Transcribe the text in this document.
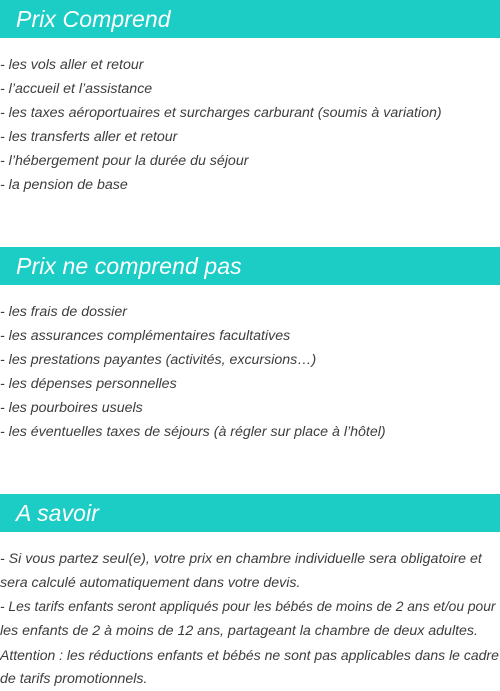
Prix Comprend
- les vols aller et retour
- l’accueil et l’assistance
- les taxes aéroportuaires et surcharges carburant (soumis à variation)
- les transferts aller et retour
- l’hébergement pour la durée du séjour
- la pension de base
Prix ne comprend pas
- les frais de dossier
- les assurances complémentaires facultatives
- les prestations payantes (activités, excursions…)
- les dépenses personnelles
- les pourboires usuels
- les éventuelles taxes de séjours (à régler sur place à l’hôtel)
A savoir
- Si vous partez seul(e), votre prix en chambre individuelle sera obligatoire et
sera calculé automatiquement dans votre devis.
- Les tarifs enfants seront appliqués pour les bébés de moins de 2 ans et/ou pour
les enfants de 2 à moins de 12 ans, partageant la chambre de deux adultes.
Attention : les réductions enfants et bébés ne sont pas applicables dans le cadre
de tarifs promotionnels.
